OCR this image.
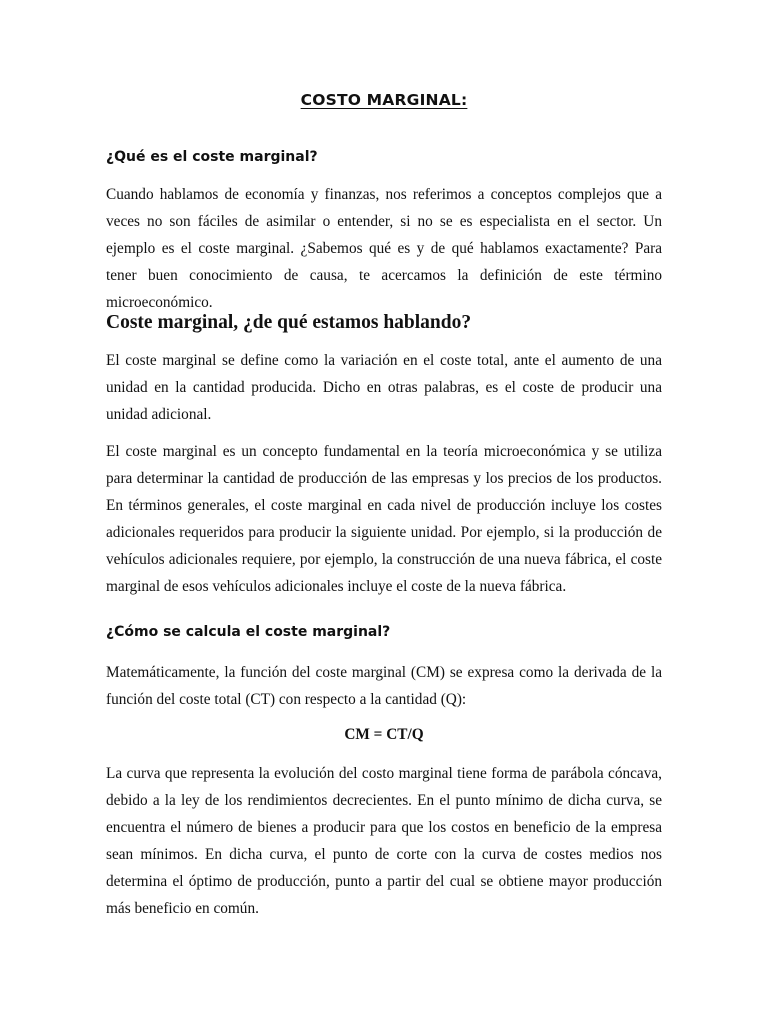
COSTO MARGINAL:
¿Qué es el coste marginal?
Cuando hablamos de economía y finanzas, nos referimos a conceptos complejos que a veces no son fáciles de asimilar o entender, si no se es especialista en el sector. Un ejemplo es el coste marginal. ¿Sabemos qué es y de qué hablamos exactamente? Para tener buen conocimiento de causa, te acercamos la definición de este término microeconómico.
Coste marginal, ¿de qué estamos hablando?
El coste marginal se define como la variación en el coste total, ante el aumento de una unidad en la cantidad producida. Dicho en otras palabras, es el coste de producir una unidad adicional.
El coste marginal es un concepto fundamental en la teoría microeconómica y se utiliza para determinar la cantidad de producción de las empresas y los precios de los productos. En términos generales, el coste marginal en cada nivel de producción incluye los costes adicionales requeridos para producir la siguiente unidad. Por ejemplo, si la producción de vehículos adicionales requiere, por ejemplo, la construcción de una nueva fábrica, el coste marginal de esos vehículos adicionales incluye el coste de la nueva fábrica.
¿Cómo se calcula el coste marginal?
Matemáticamente, la función del coste marginal (CM) se expresa como la derivada de la función del coste total (CT) con respecto a la cantidad (Q):
CM = CT/Q
La curva que representa la evolución del costo marginal tiene forma de parábola cóncava, debido a la ley de los rendimientos decrecientes. En el punto mínimo de dicha curva, se encuentra el número de bienes a producir para que los costos en beneficio de la empresa sean mínimos. En dicha curva, el punto de corte con la curva de costes medios nos determina el óptimo de producción, punto a partir del cual se obtiene mayor producción más beneficio en común.
